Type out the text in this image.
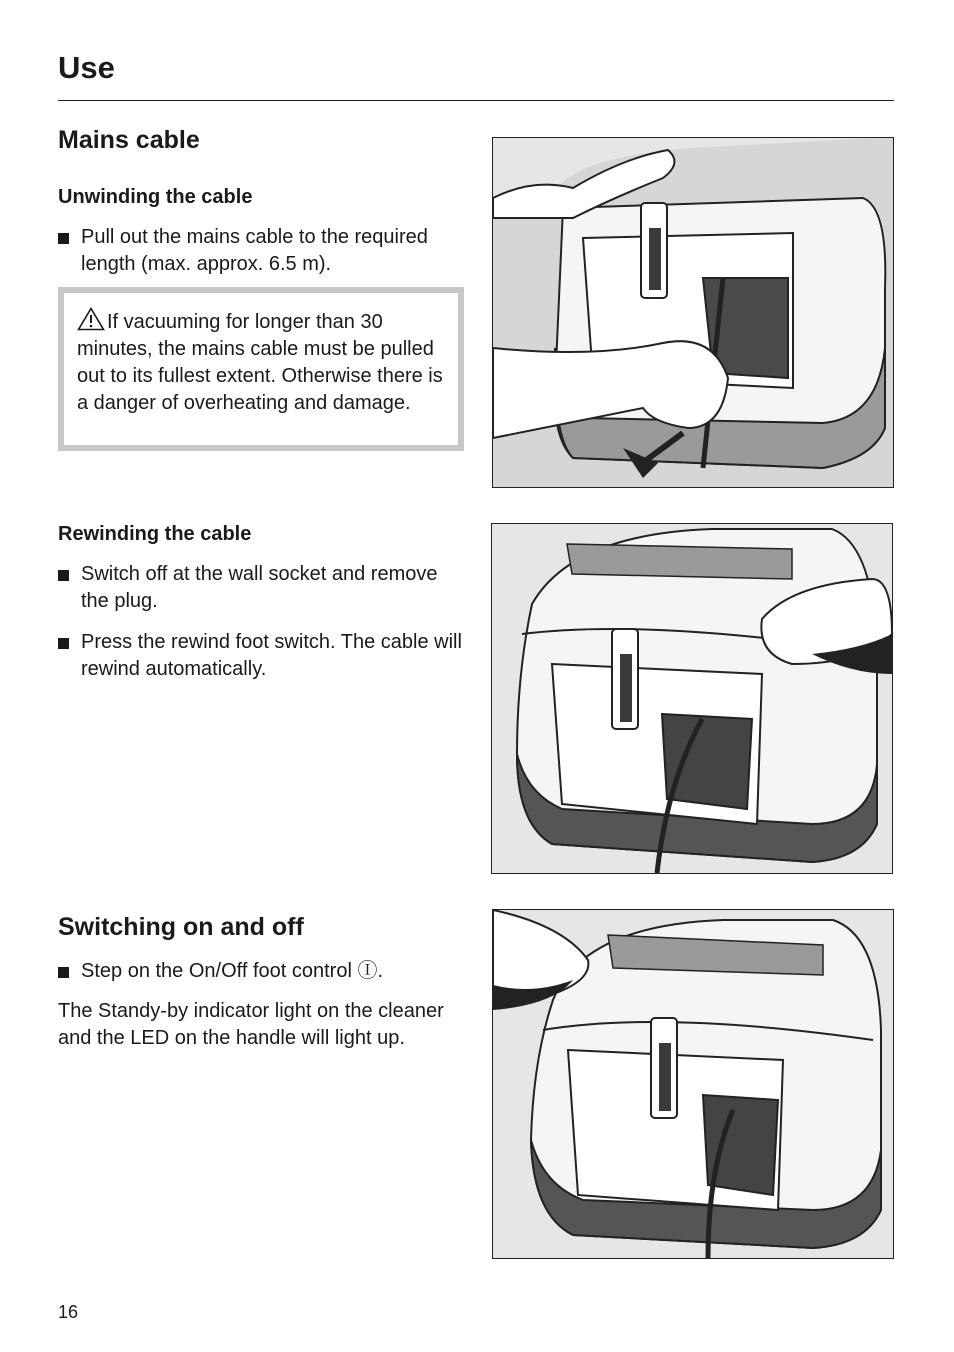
Use
Mains cable
Unwinding the cable
Pull out the mains cable to the required length (max. approx. 6.5 m).
If vacuuming for longer than 30 minutes, the mains cable must be pulled out to its fullest extent. Otherwise there is a danger of overheating and damage.
Rewinding the cable
Switch off at the wall socket and remove the plug.
Press the rewind foot switch. The cable will rewind automatically.
Switching on and off
Step on the On/Off foot control Ⓘ.
The Standy-by indicator light on the cleaner and the LED on the handle will light up.
16
